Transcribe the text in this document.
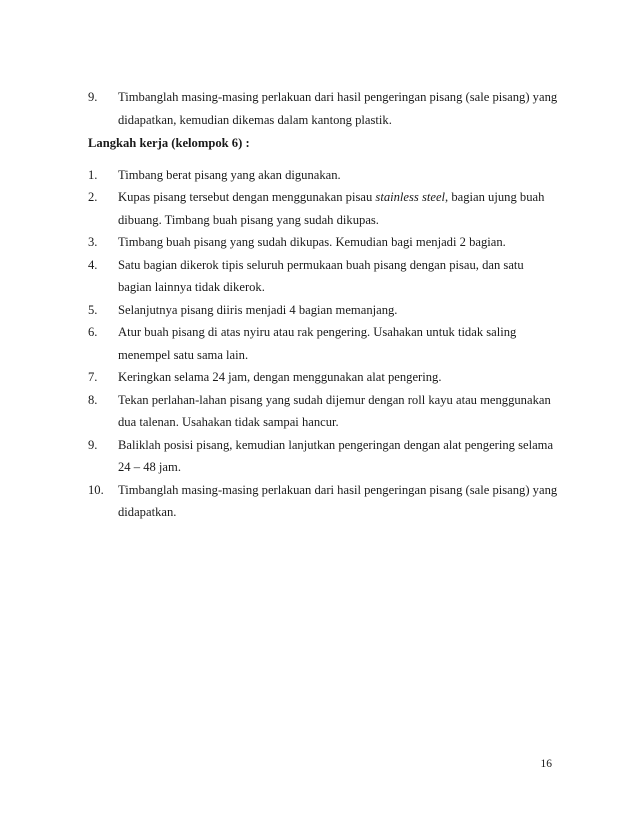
9.	Timbanglah masing-masing perlakuan dari hasil pengeringan pisang (sale pisang) yang didapatkan, kemudian dikemas dalam kantong plastik.
Langkah kerja (kelompok 6) :
1.	Timbang berat pisang yang akan digunakan.
2.	Kupas pisang tersebut dengan menggunakan pisau stainless steel, bagian ujung buah dibuang. Timbang buah pisang yang sudah dikupas.
3.	Timbang buah pisang yang sudah dikupas. Kemudian bagi menjadi 2 bagian.
4.	Satu bagian dikerok tipis seluruh permukaan buah pisang dengan pisau, dan satu bagian lainnya tidak dikerok.
5.	Selanjutnya pisang diiris menjadi 4 bagian memanjang.
6.	Atur buah pisang di atas nyiru atau rak pengering. Usahakan untuk tidak saling menempel satu sama lain.
7.	Keringkan selama 24 jam, dengan menggunakan alat pengering.
8.	Tekan perlahan-lahan pisang yang sudah dijemur dengan roll kayu atau menggunakan dua talenan. Usahakan tidak sampai hancur.
9.	Baliklah posisi pisang, kemudian lanjutkan pengeringan dengan alat pengering selama 24 – 48 jam.
10.	Timbanglah masing-masing perlakuan dari hasil pengeringan pisang (sale pisang) yang didapatkan.
16
